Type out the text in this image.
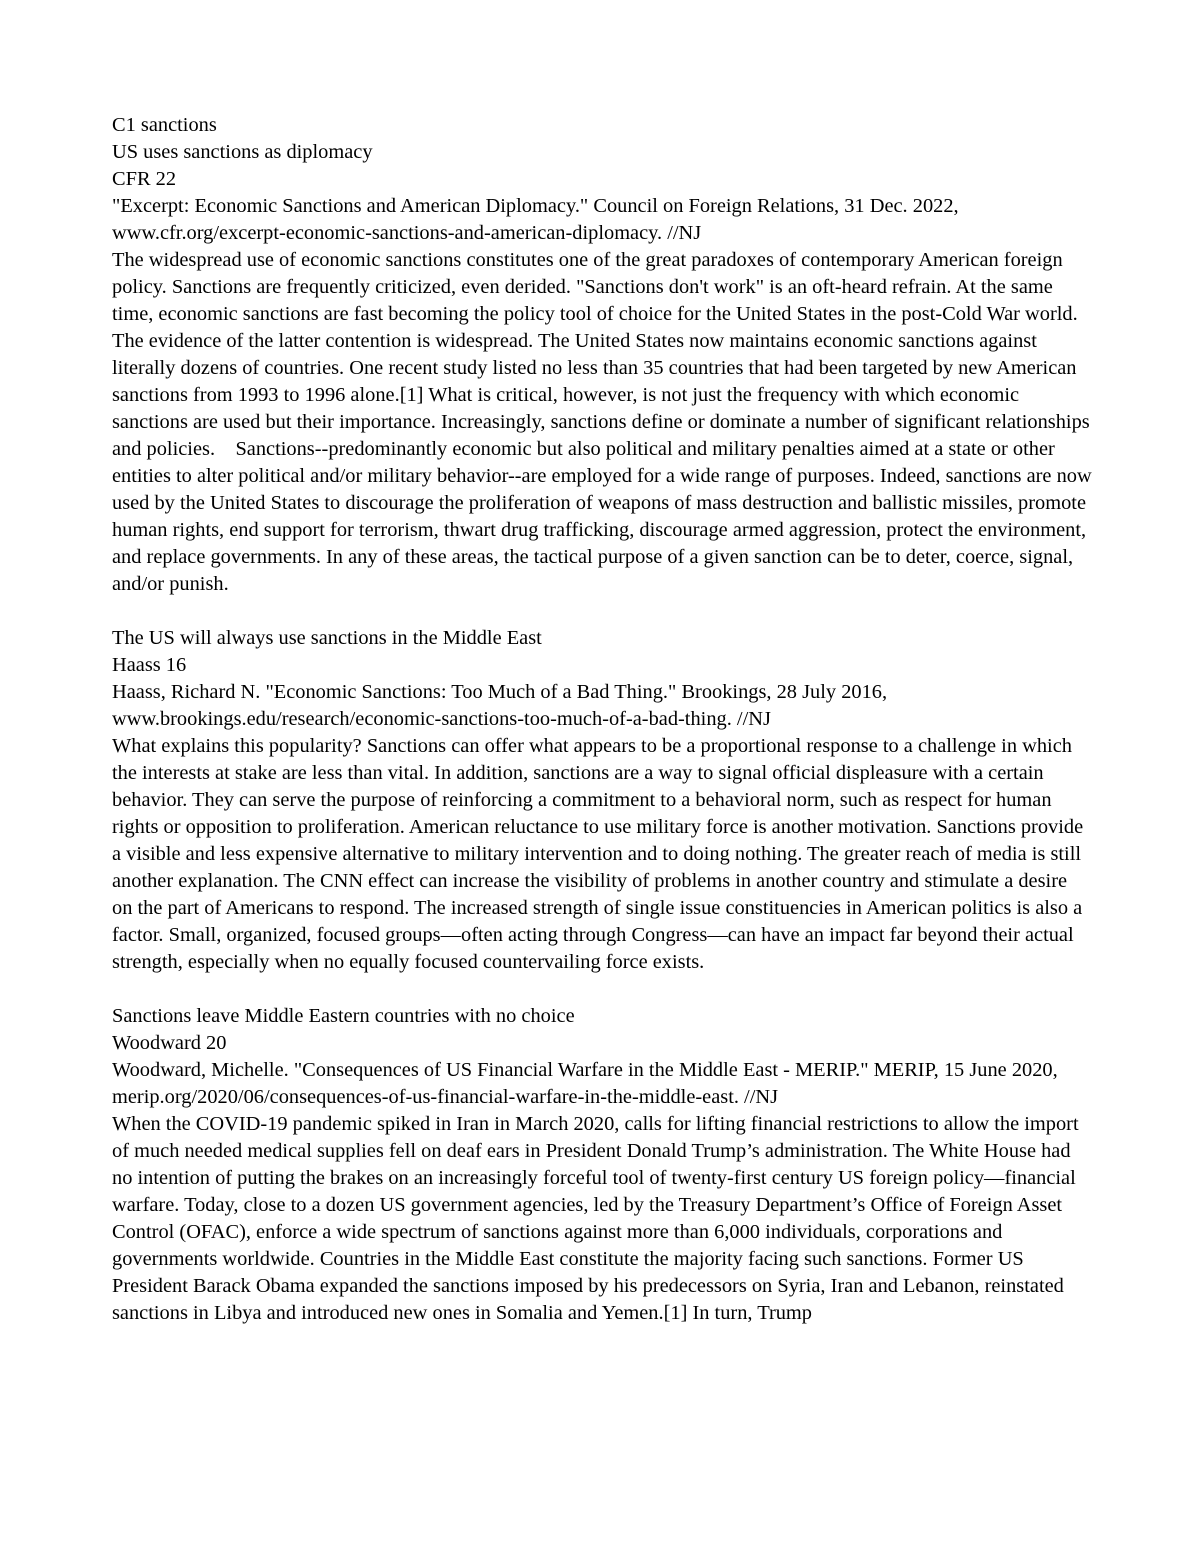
C1 sanctions
US uses sanctions as diplomacy
CFR 22
"Excerpt: Economic Sanctions and American Diplomacy." Council on Foreign Relations, 31 Dec. 2022, www.cfr.org/excerpt-economic-sanctions-and-american-diplomacy. //NJ
The widespread use of economic sanctions constitutes one of the great paradoxes of contemporary American foreign policy. Sanctions are frequently criticized, even derided. "Sanctions don't work" is an oft-heard refrain. At the same time, economic sanctions are fast becoming the policy tool of choice for the United States in the post-Cold War world.    The evidence of the latter contention is widespread. The United States now maintains economic sanctions against literally dozens of countries. One recent study listed no less than 35 countries that had been targeted by new American sanctions from 1993 to 1996 alone.[1] What is critical, however, is not just the frequency with which economic sanctions are used but their importance. Increasingly, sanctions define or dominate a number of significant relationships and policies.    Sanctions--predominantly economic but also political and military penalties aimed at a state or other entities to alter political and/or military behavior--are employed for a wide range of purposes. Indeed, sanctions are now used by the United States to discourage the proliferation of weapons of mass destruction and ballistic missiles, promote human rights, end support for terrorism, thwart drug trafficking, discourage armed aggression, protect the environment, and replace governments. In any of these areas, the tactical purpose of a given sanction can be to deter, coerce, signal, and/or punish.
The US will always use sanctions in the Middle East
Haass 16
Haass, Richard N. "Economic Sanctions: Too Much of a Bad Thing." Brookings, 28 July 2016, www.brookings.edu/research/economic-sanctions-too-much-of-a-bad-thing. //NJ
What explains this popularity? Sanctions can offer what appears to be a proportional response to a challenge in which the interests at stake are less than vital. In addition, sanctions are a way to signal official displeasure with a certain behavior. They can serve the purpose of reinforcing a commitment to a behavioral norm, such as respect for human rights or opposition to proliferation. American reluctance to use military force is another motivation. Sanctions provide a visible and less expensive alternative to military intervention and to doing nothing. The greater reach of media is still another explanation. The CNN effect can increase the visibility of problems in another country and stimulate a desire on the part of Americans to respond. The increased strength of single issue constituencies in American politics is also a factor. Small, organized, focused groups—often acting through Congress—can have an impact far beyond their actual strength, especially when no equally focused countervailing force exists.
Sanctions leave Middle Eastern countries with no choice
Woodward 20
Woodward, Michelle. "Consequences of US Financial Warfare in the Middle East - MERIP." MERIP, 15 June 2020, merip.org/2020/06/consequences-of-us-financial-warfare-in-the-middle-east. //NJ
When the COVID-19 pandemic spiked in Iran in March 2020, calls for lifting financial restrictions to allow the import of much needed medical supplies fell on deaf ears in President Donald Trump’s administration. The White House had no intention of putting the brakes on an increasingly forceful tool of twenty-first century US foreign policy—financial warfare. Today, close to a dozen US government agencies, led by the Treasury Department’s Office of Foreign Asset Control (OFAC), enforce a wide spectrum of sanctions against more than 6,000 individuals, corporations and governments worldwide. Countries in the Middle East constitute the majority facing such sanctions. Former US President Barack Obama expanded the sanctions imposed by his predecessors on Syria, Iran and Lebanon, reinstated sanctions in Libya and introduced new ones in Somalia and Yemen.[1] In turn, Trump
